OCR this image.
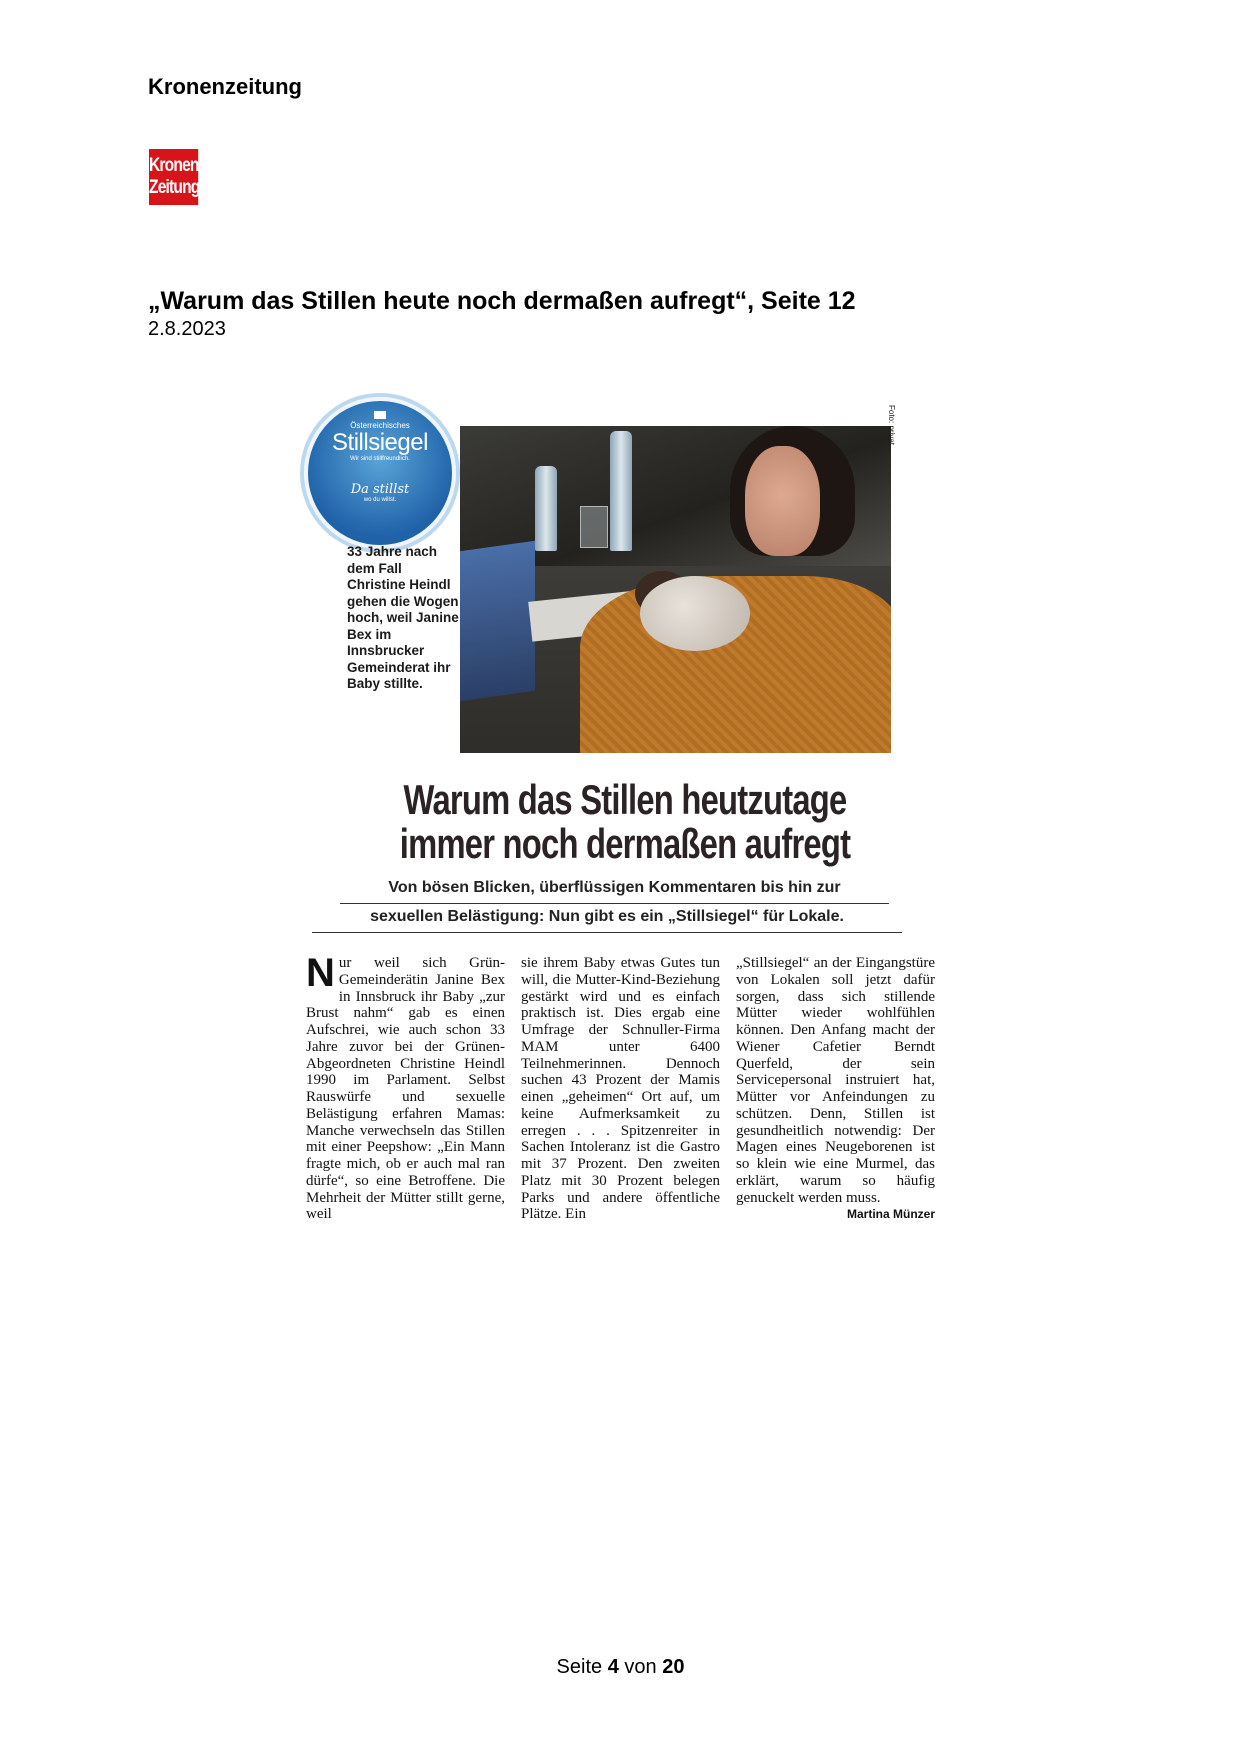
Kronenzeitung
Kronen
Zeitung
„Warum das Stillen heute noch dermaßen aufregt“, Seite 12
2.8.2023
Foto: privat
Österreichisches
Stillsiegel
Wir sind stillfreundlich.
Da stillst
wo du willst.
33 Jahre nach dem Fall Christine Heindl gehen die Wogen hoch, weil Janine Bex im Innsbrucker Gemeinderat ihr Baby stillte.
Warum das Stillen heutzutage
immer noch dermaßen aufregt
Von bösen Blicken, überflüssigen Kommentaren bis hin zur
sexuellen Belästigung: Nun gibt es ein „Stillsiegel“ für Lokale.

Nur weil sich Grün-Gemeinderätin Janine Bex in Innsbruck ihr Baby „zur Brust nahm“ gab es einen Aufschrei, wie auch schon 33 Jahre zuvor bei der Grünen-Abgeordneten Christine Heindl 1990 im Parlament. Selbst Rauswürfe und sexuelle Belästigung erfahren Mamas: Manche verwechseln das Stillen mit einer Peepshow: „Ein Mann fragte mich, ob er auch mal ran dürfe“, so eine Betroffene. Die Mehrheit der Mütter stillt gerne, weil

sie ihrem Baby etwas Gutes tun will, die Mutter-Kind-Beziehung gestärkt wird und es einfach praktisch ist. Dies ergab eine Umfrage der Schnuller-Firma MAM unter 6400 Teilnehmerinnen. Dennoch suchen 43 Prozent der Mamis einen „geheimen“ Ort auf, um keine Aufmerksamkeit zu erregen . . . Spitzenreiter in Sachen Intoleranz ist die Gastro mit 37 Prozent. Den zweiten Platz mit 30 Prozent belegen Parks und andere öffentliche Plätze. Ein

„Stillsiegel“ an der Eingangstüre von Lokalen soll jetzt dafür sorgen, dass sich stillende Mütter wieder wohlfühlen können. Den Anfang macht der Wiener Cafetier Berndt Querfeld, der sein Servicepersonal instruiert hat, Mütter vor Anfeindungen zu schützen. Denn, Stillen ist gesundheitlich notwendig: Der Magen eines Neugeborenen ist so klein wie eine Murmel, das erklärt, warum so häufig genuckelt werden muss.
Martina Münzer

Seite 4 von 20
